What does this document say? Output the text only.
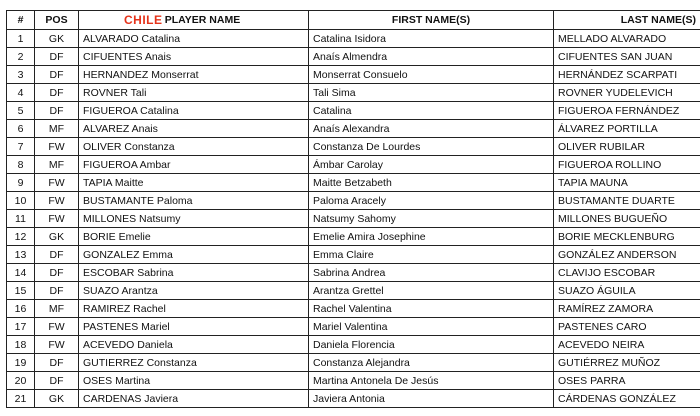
#	POS	CHILE PLAYER NAME	FIRST NAME(S)	LAST NAME(S)
1	GK	ALVARADO Catalina	Catalina Isidora	MELLADO ALVARADO
2	DF	CIFUENTES Anais	Anaís Almendra	CIFUENTES SAN JUAN
3	DF	HERNANDEZ Monserrat	Monserrat Consuelo	HERNÁNDEZ SCARPATI
4	DF	ROVNER Tali	Tali Sima	ROVNER YUDELEVICH
5	DF	FIGUEROA Catalina	Catalina	FIGUEROA FERNÁNDEZ
6	MF	ALVAREZ Anais	Anaís Alexandra	ÁLVAREZ PORTILLA
7	FW	OLIVER Constanza	Constanza De Lourdes	OLIVER RUBILAR
8	MF	FIGUEROA Ambar	Ámbar Carolay	FIGUEROA ROLLINO
9	FW	TAPIA Maitte	Maitte Betzabeth	TAPIA MAUNA
10	FW	BUSTAMANTE Paloma	Paloma Aracely	BUSTAMANTE DUARTE
11	FW	MILLONES Natsumy	Natsumy Sahomy	MILLONES BUGUEÑO
12	GK	BORIE Emelie	Emelie Amira Josephine	BORIE MECKLENBURG
13	DF	GONZALEZ Emma	Emma Claire	GONZÁLEZ ANDERSON
14	DF	ESCOBAR Sabrina	Sabrina Andrea	CLAVIJO ESCOBAR
15	DF	SUAZO Arantza	Arantza Grettel	SUAZO ÁGUILA
16	MF	RAMIREZ Rachel	Rachel Valentina	RAMÍREZ ZAMORA
17	FW	PASTENES Mariel	Mariel Valentina	PASTENES CARO
18	FW	ACEVEDO Daniela	Daniela Florencia	ACEVEDO NEIRA
19	DF	GUTIERREZ Constanza	Constanza Alejandra	GUTIÉRREZ MUÑOZ
20	DF	OSES Martina	Martina Antonela De Jesús	OSES PARRA
21	GK	CARDENAS Javiera	Javiera Antonia	CÁRDENAS GONZÁLEZ
